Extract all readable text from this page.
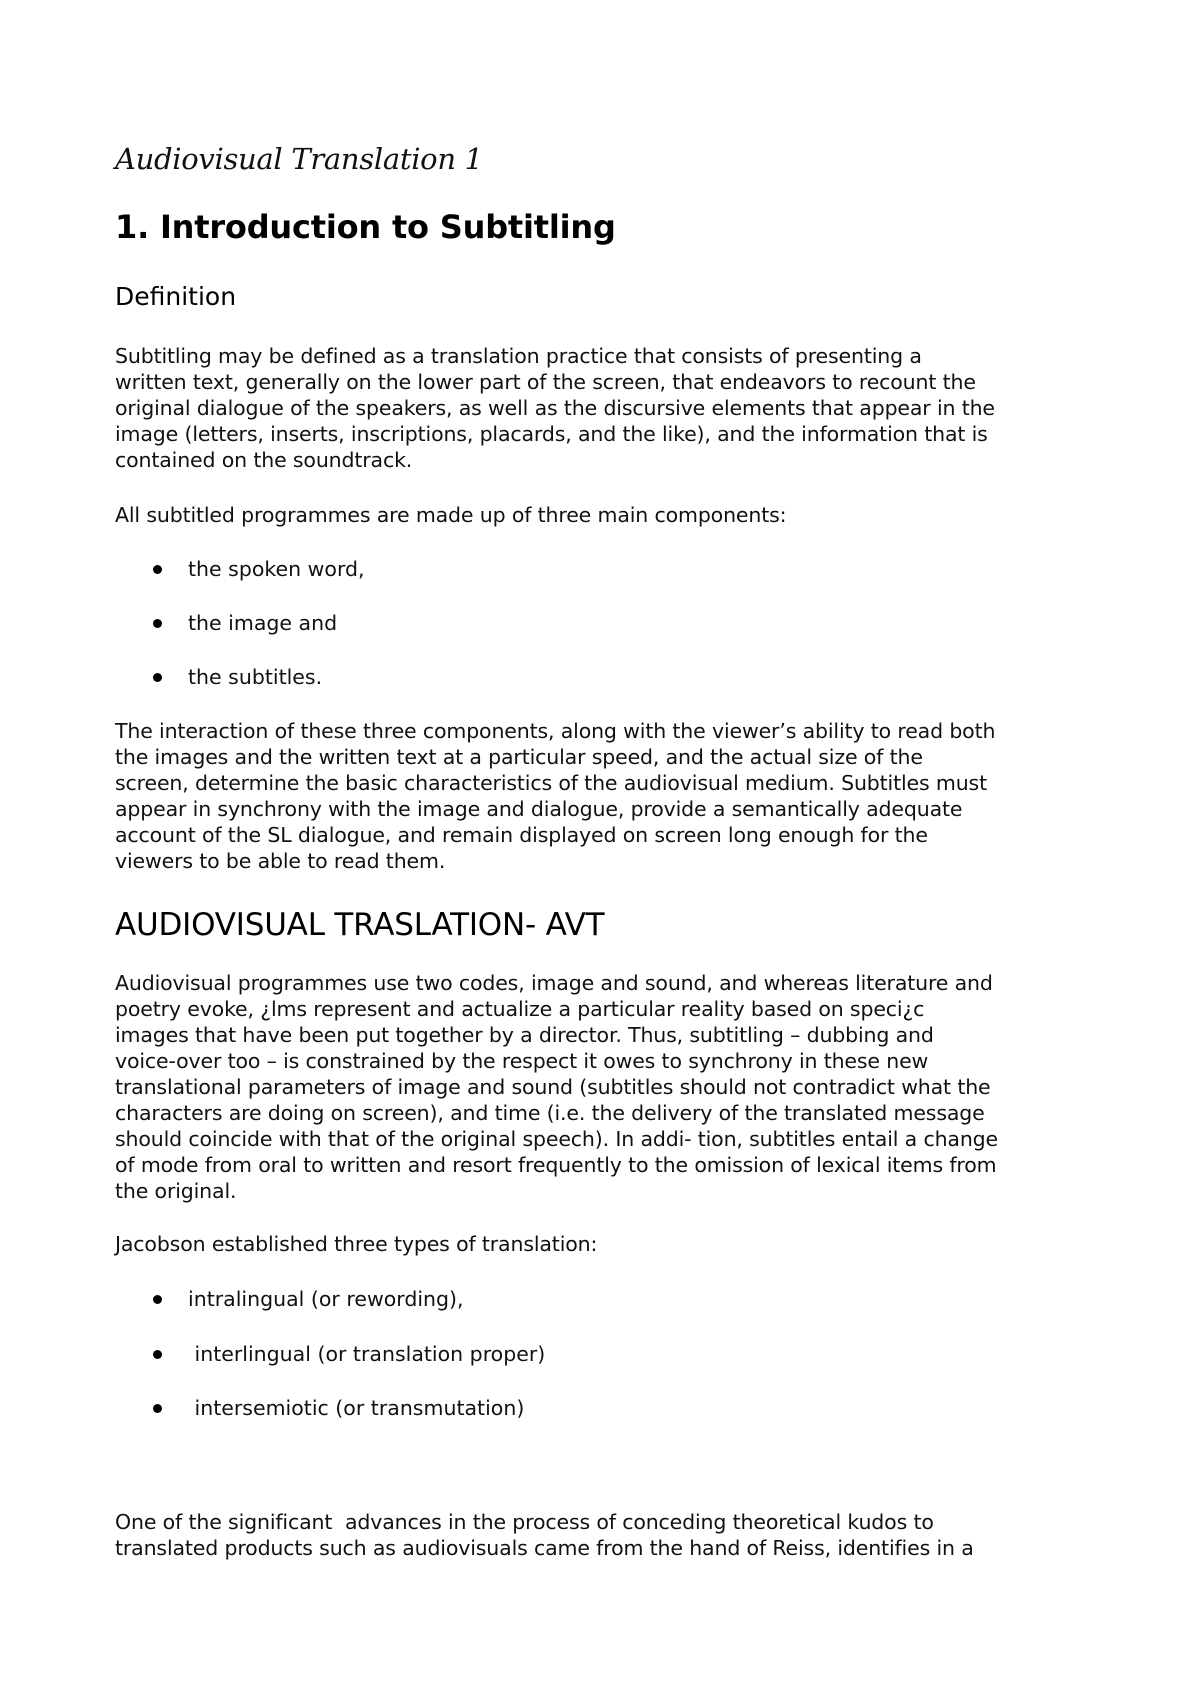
Audiovisual Translation 1
1. Introduction to Subtitling
Definition

Subtitling may be defined as a translation practice that consists of presenting a
written text, generally on the lower part of the screen, that endeavors to recount the
original dialogue of the speakers, as well as the discursive elements that appear in the
image (letters, inserts, inscriptions, placards, and the like), and the information that is
contained on the soundtrack.

All subtitled programmes are made up of three main components:

the spoken word,
the image and
the subtitles.

The interaction of these three components, along with the viewer’s ability to read both
the images and the written text at a particular speed, and the actual size of the
screen, determine the basic characteristics of the audiovisual medium. Subtitles must
appear in synchrony with the image and dialogue, provide a semantically adequate
account of the SL dialogue, and remain displayed on screen long enough for the
viewers to be able to read them.

AUDIOVISUAL TRASLATION- AVT

Audiovisual programmes use two codes, image and sound, and whereas literature and
poetry evoke, ¿lms represent and actualize a particular reality based on speci¿c
images that have been put together by a director. Thus, subtitling – dubbing and
voice-over too – is constrained by the respect it owes to synchrony in these new
translational parameters of image and sound (subtitles should not contradict what the
characters are doing on screen), and time (i.e. the delivery of the translated message
should coincide with that of the original speech). In addi- tion, subtitles entail a change
of mode from oral to written and resort frequently to the omission of lexical items from
the original.

Jacobson established three types of translation:

intralingual (or rewording),
interlingual (or translation proper)
intersemiotic (or transmutation)

One of the significant  advances in the process of conceding theoretical kudos to
translated products such as audiovisuals came from the hand of Reiss, identifies in a
